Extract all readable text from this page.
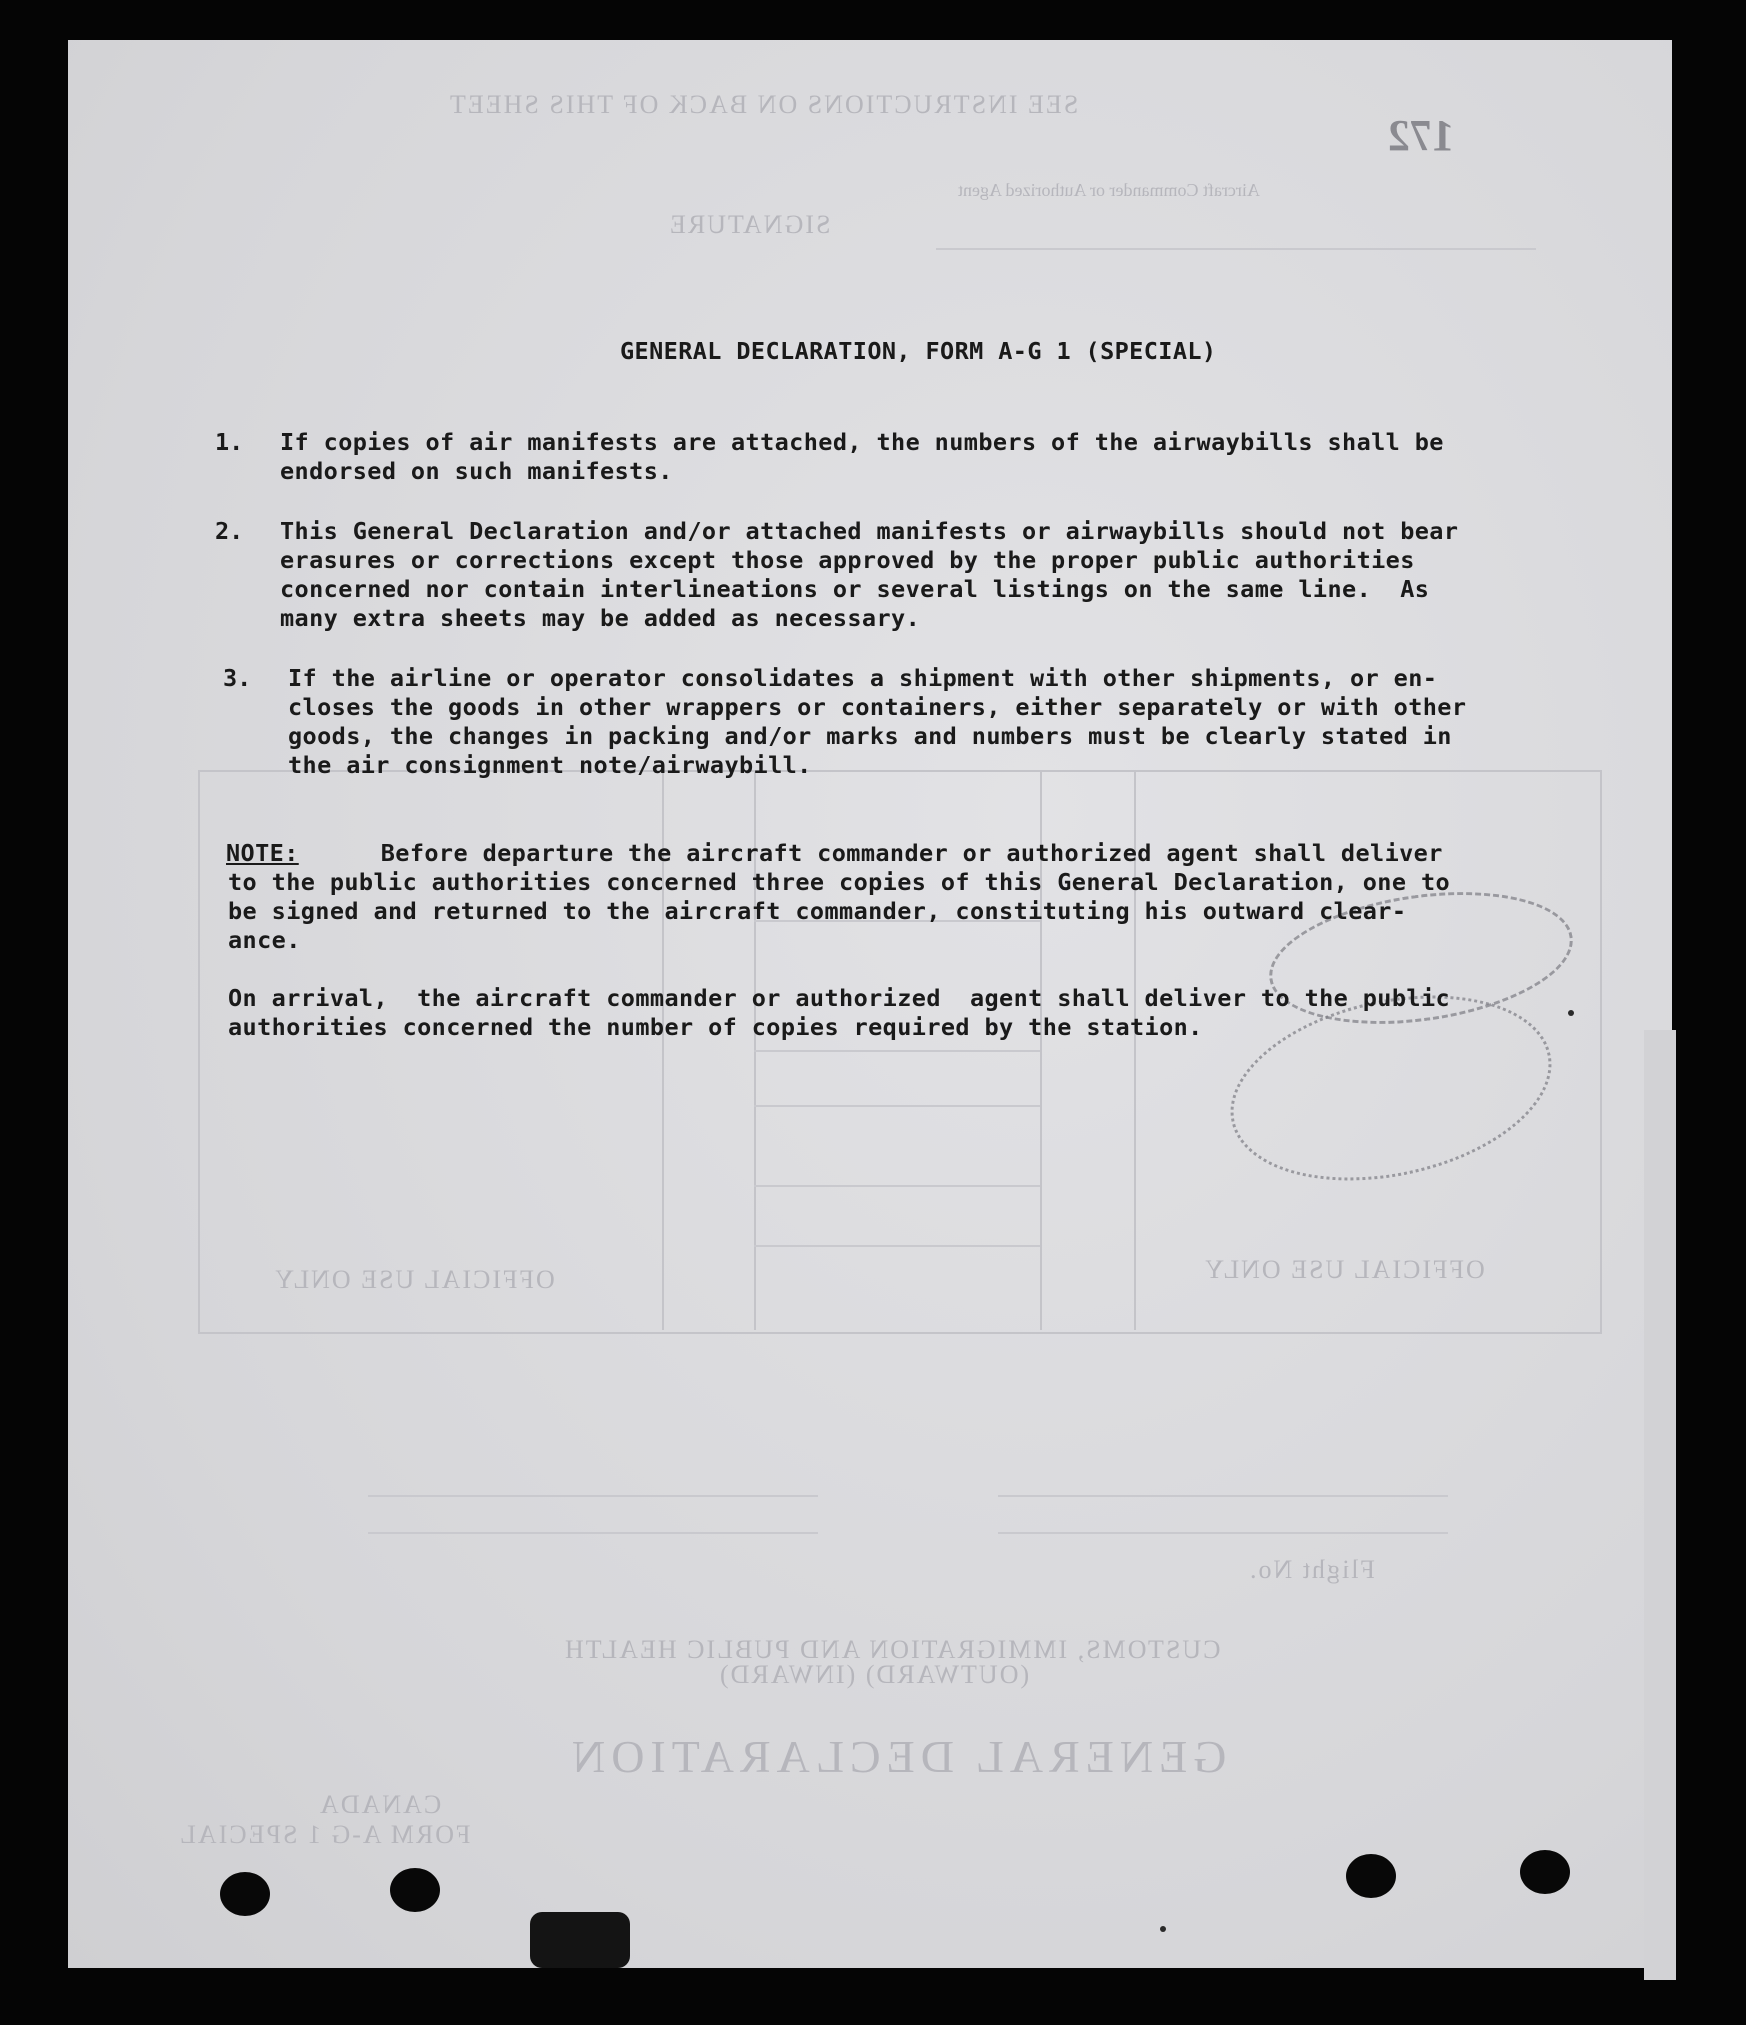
SEE INSTRUCTIONS ON BACK OF THIS SHEET
Aircraft Commander or Authorized Agent
SIGNATURE
GENERAL DECLARATION
(OUTWARD) (INWARD)
CUSTOMS, IMMIGRATION AND PUBLIC HEALTH
OFFICIAL USE ONLY	OFFICIAL USE ONLY
FORM A-G 1 SPECIAL
CANADA
Flight No.
172
GENERAL DECLARATION, FORM A-G 1 (SPECIAL)
1. If copies of air manifests are attached, the numbers of the airwaybills shall be
endorsed on such manifests.
2. This General Declaration and/or attached manifests or airwaybills should not bear
erasures or corrections except those approved by the proper public authorities
concerned nor contain interlineations or several listings on the same line.  As
many extra sheets may be added as necessary.
3. If the airline or operator consolidates a shipment with other shipments, or en-
closes the goods in other wrappers or containers, either separately or with other
goods, the changes in packing and/or marks and numbers must be clearly stated in
the air consignment note/airwaybill.
NOTE: Before departure the aircraft commander or authorized agent shall deliver
to the public authorities concerned three copies of this General Declaration, one to
be signed and returned to the aircraft commander, constituting his outward clear-
ance.
On arrival,  the aircraft commander or authorized  agent shall deliver to the public
authorities concerned the number of copies required by the station.
